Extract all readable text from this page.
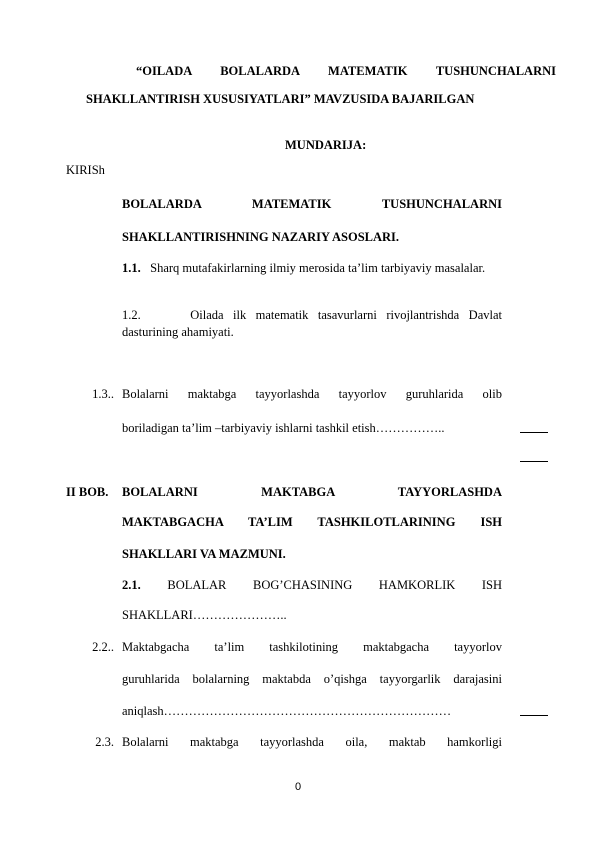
“OILADA BOLALARDA MATEMATIK TUSHUNCHALARNI
SHAKLLANTIRISH XUSUSIYATLARI” MAVZUSIDA BAJARILGAN
MUNDARIJA:
KIRISh
BOLALARDA MATEMATIK TUSHUNCHALARNI
SHAKLLANTIRISHNING NAZARIY ASOSLARI.
1.1. Sharq mutafakirlarning ilmiy merosida ta’lim tarbiyaviy masalalar.
1.2.	Oilada ilk matematik tasavurlarni rivojlantrishda Davlat dasturining ahamiyati.
1.3.. Bolalarni maktabga tayyorlashda tayyorlov guruhlarida olib
boriladigan ta’lim –tarbiyaviy ishlarni tashkil etish……………..
II BOB. BOLALARNI MAKTABGA TAYYORLASHDA
MAKTABGACHA TA’LIM TASHKILOTLARINING ISH
SHAKLLARI VA MAZMUNI.
2.1. BOLALAR BOG’CHASINING HAMKORLIK ISH
SHAKLLARI…………………..
2.2.. Maktabgacha ta’lim tashkilotining maktabgacha tayyorlov
guruhlarida bolalarning maktabda o’qishga tayyorgarlik darajasini
aniqlash……………………………………………………………
2.3. Bolalarni maktabga tayyorlashda oila, maktab hamkorligi
0
